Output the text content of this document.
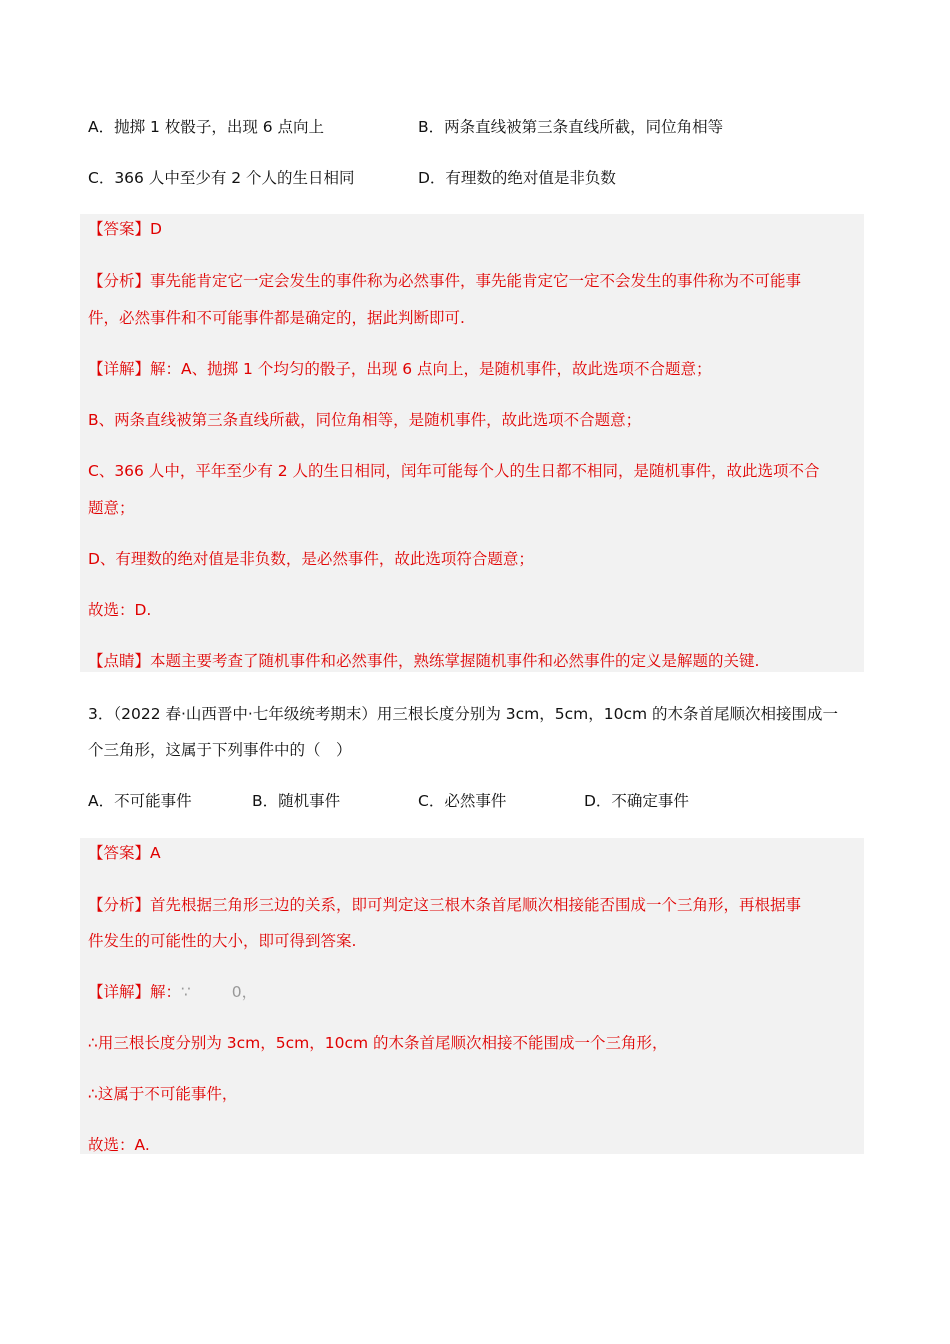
A．抛掷 1 枚骰子，出现 6 点向上	B．两条直线被第三条直线所截，同位角相等
C．366 人中至少有 2 个人的生日相同	D．有理数的绝对值是非负数
【答案】D
【分析】事先能肯定它一定会发生的事件称为必然事件，事先能肯定它一定不会发生的事件称为不可能事
件，必然事件和不可能事件都是确定的，据此判断即可.
【详解】解：A、抛掷 1 个均匀的骰子，出现 6 点向上，是随机事件，故此选项不合题意；
B、两条直线被第三条直线所截，同位角相等，是随机事件，故此选项不合题意；
C、366 人中，平年至少有 2 人的生日相同，闰年可能每个人的生日都不相同，是随机事件，故此选项不合
题意；
D、有理数的绝对值是非负数，是必然事件，故此选项符合题意；
故选：D.
【点睛】本题主要考查了随机事件和必然事件，熟练掌握随机事件和必然事件的定义是解题的关键.
3．（2022 春·山西晋中·七年级统考期末）用三根长度分别为 3cm，5cm，10cm 的木条首尾顺次相接围成一
个三角形，这属于下列事件中的（　）
A．不可能事件	B．随机事件	C．必然事件	D．不确定事件
【答案】A
【分析】首先根据三角形三边的关系，即可判定这三根木条首尾顺次相接能否围成一个三角形，再根据事
件发生的可能性的大小，即可得到答案.
【详解】解：∵ 　 　0，
∴用三根长度分别为 3cm，5cm，10cm 的木条首尾顺次相接不能围成一个三角形，
∴这属于不可能事件，
故选：A.
